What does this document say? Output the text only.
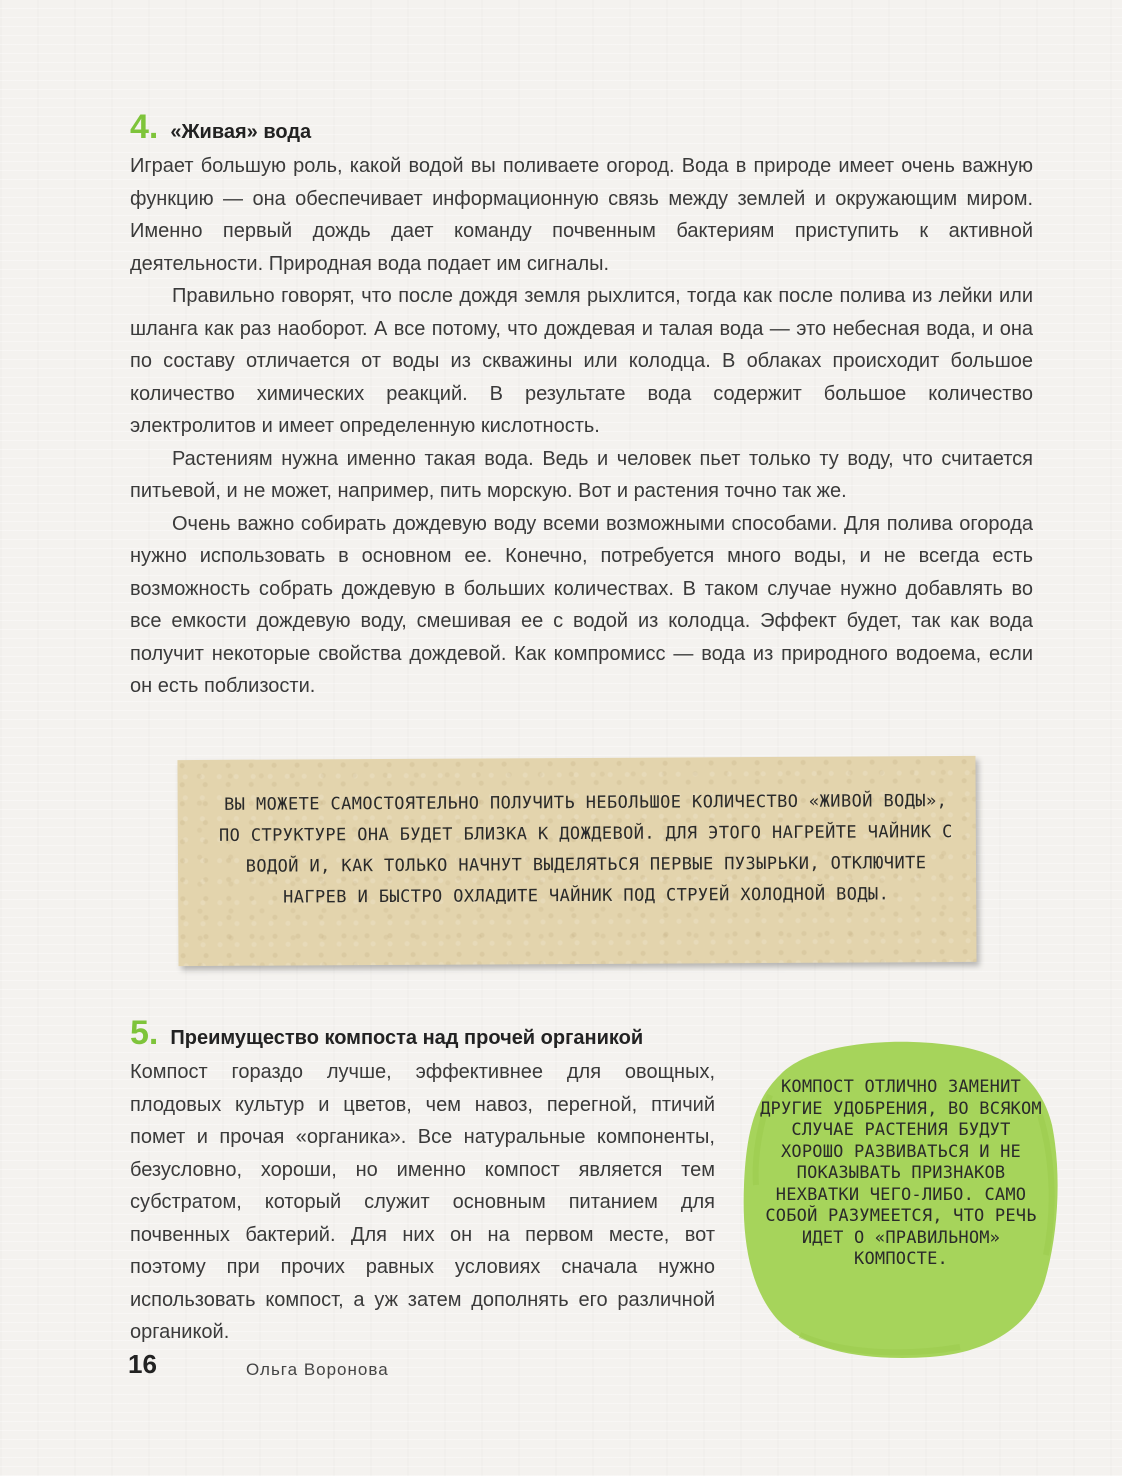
4. «Живая» вода

Играет большую роль, какой водой вы поливаете огород. Вода в природе имеет очень важную функцию — она обеспечивает информационную связь между землей и окружающим миром. Именно первый дождь дает команду почвенным бактериям приступить к активной деятельности. Природная вода подает им сигналы.

Правильно говорят, что после дождя земля рыхлится, тогда как после полива из лейки или шланга как раз наоборот. А все потому, что дождевая и талая вода — это небесная вода, и она по составу отличается от воды из скважины или колодца. В облаках происходит большое количество химических реакций. В результате вода содержит большое количество электролитов и имеет определенную кислотность.

Растениям нужна именно такая вода. Ведь и человек пьет только ту воду, что считается питьевой, и не может, например, пить морскую. Вот и растения точно так же.

Очень важно собирать дождевую воду всеми возможными способами. Для полива огорода нужно использовать в основном ее. Конечно, потребуется много воды, и не всегда есть возможность собрать дождевую в больших количествах. В таком случае нужно добавлять во все емкости дождевую воду, смешивая ее с водой из колодца. Эффект будет, так как вода получит некоторые свойства дождевой. Как компромисс — вода из природного водоема, если он есть поблизости.

ВЫ МОЖЕТЕ САМОСТОЯТЕЛЬНО ПОЛУЧИТЬ НЕБОЛЬШОЕ КОЛИЧЕСТВО «ЖИВОЙ ВОДЫ», ПО СТРУКТУРЕ ОНА БУДЕТ БЛИЗКА К ДОЖДЕВОЙ. ДЛЯ ЭТОГО НАГРЕЙТЕ ЧАЙНИК С ВОДОЙ И, КАК ТОЛЬКО НАЧНУТ ВЫДЕЛЯТЬСЯ ПЕРВЫЕ ПУЗЫРЬКИ, ОТКЛЮЧИТЕ НАГРЕВ И БЫСТРО ОХЛАДИТЕ ЧАЙНИК ПОД СТРУЕЙ ХОЛОДНОЙ ВОДЫ.

5. Преимущество компоста над прочей органикой

Компост гораздо лучше, эффективнее для овощных, плодовых культур и цветов, чем навоз, перегной, птичий помет и прочая «органика». Все натуральные компоненты, безусловно, хороши, но именно компост является тем субстратом, который служит основным питанием для почвенных бактерий. Для них он на первом месте, вот поэтому при прочих равных условиях сначала нужно использовать компост, а уж затем дополнять его различной органикой.

КОМПОСТ ОТЛИЧНО ЗАМЕНИТ ДРУГИЕ УДОБРЕНИЯ, ВО ВСЯКОМ СЛУЧАЕ РАСТЕНИЯ БУДУТ ХОРОШО РАЗВИВАТЬСЯ И НЕ ПОКАЗЫВАТЬ ПРИЗНАКОВ НЕХВАТКИ ЧЕГО-ЛИБО. САМО СОБОЙ РАЗУМЕЕТСЯ, ЧТО РЕЧЬ ИДЕТ О «ПРАВИЛЬНОМ» КОМПОСТЕ.

16	Ольга Воронова
